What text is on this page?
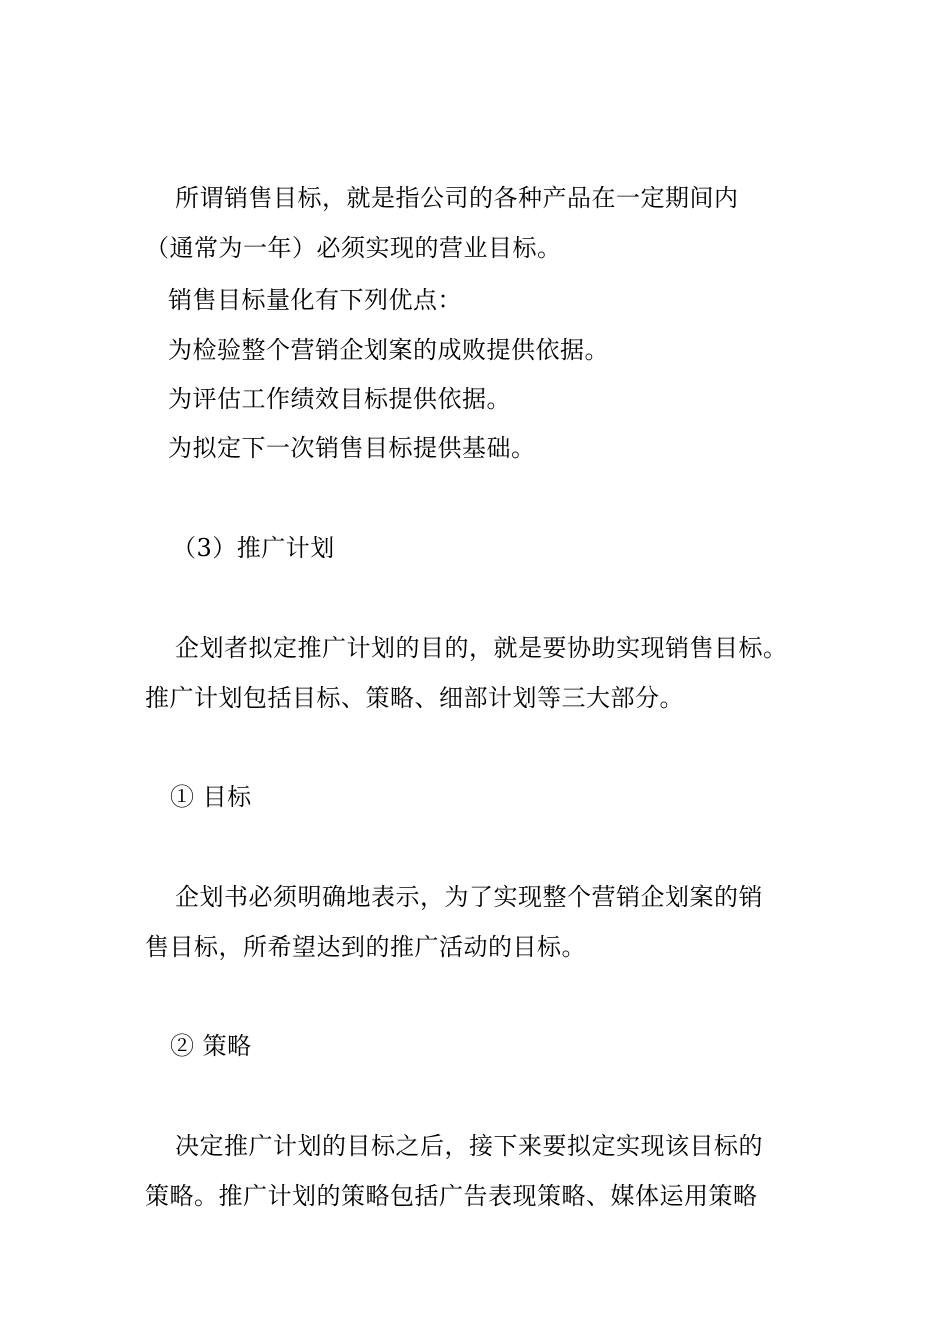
所谓销售目标，就是指公司的各种产品在一定期间内
（通常为一年）必须实现的营业目标。
销售目标量化有下列优点：
为检验整个营销企划案的成败提供依据。
为评估工作绩效目标提供依据。
为拟定下一次销售目标提供基础。
（3）推广计划
企划者拟定推广计划的目的，就是要协助实现销售目标。
推广计划包括目标、策略、细部计划等三大部分。
① 目标
企划书必须明确地表示，为了实现整个营销企划案的销
售目标，所希望达到的推广活动的目标。
② 策略
决定推广计划的目标之后，接下来要拟定实现该目标的
策略。推广计划的策略包括广告表现策略、媒体运用策略
